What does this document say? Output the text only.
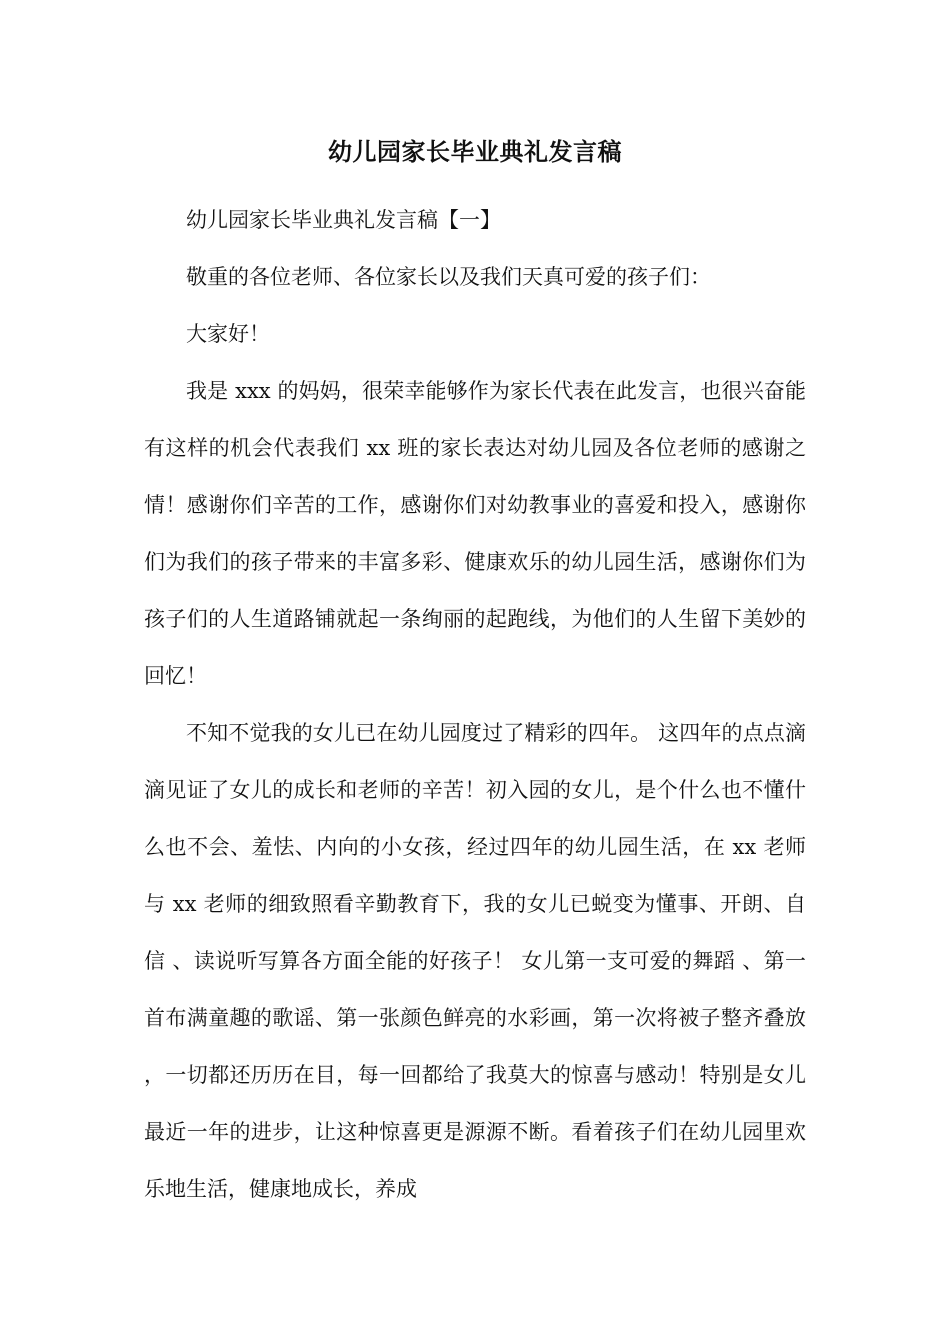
幼儿园家长毕业典礼发言稿

幼儿园家长毕业典礼发言稿【一】

敬重的各位老师、各位家长以及我们天真可爱的孩子们：

大家好！

我是 xxx 的妈妈，很荣幸能够作为家长代表在此发言，也很兴奋能有这样的机会代表我们 xx 班的家长表达对幼儿园及各位老师的感谢之情！感谢你们辛苦的工作，感谢你们对幼教事业的喜爱和投入，感谢你们为我们的孩子带来的丰富多彩、健康欢乐的幼儿园生活，感谢你们为孩子们的人生道路铺就起一条绚丽的起跑线，为他们的人生留下美妙的回忆！

不知不觉我的女儿已在幼儿园度过了精彩的四年。 这四年的点点滴滴见证了女儿的成长和老师的辛苦！初入园的女儿，是个什么也不懂什么也不会、羞怯、内向的小女孩，经过四年的幼儿园生活，在 xx 老师与 xx 老师的细致照看辛勤教育下，我的女儿已蜕变为懂事、开朗、自信 、读说听写算各方面全能的好孩子！ 女儿第一支可爱的舞蹈 、第一首布满童趣的歌谣、第一张颜色鲜亮的水彩画，第一次将被子整齐叠放 ，一切都还历历在目，每一回都给了我莫大的惊喜与感动！特别是女儿最近一年的进步，让这种惊喜更是源源不断。看着孩子们在幼儿园里欢乐地生活，健康地成长，养成
